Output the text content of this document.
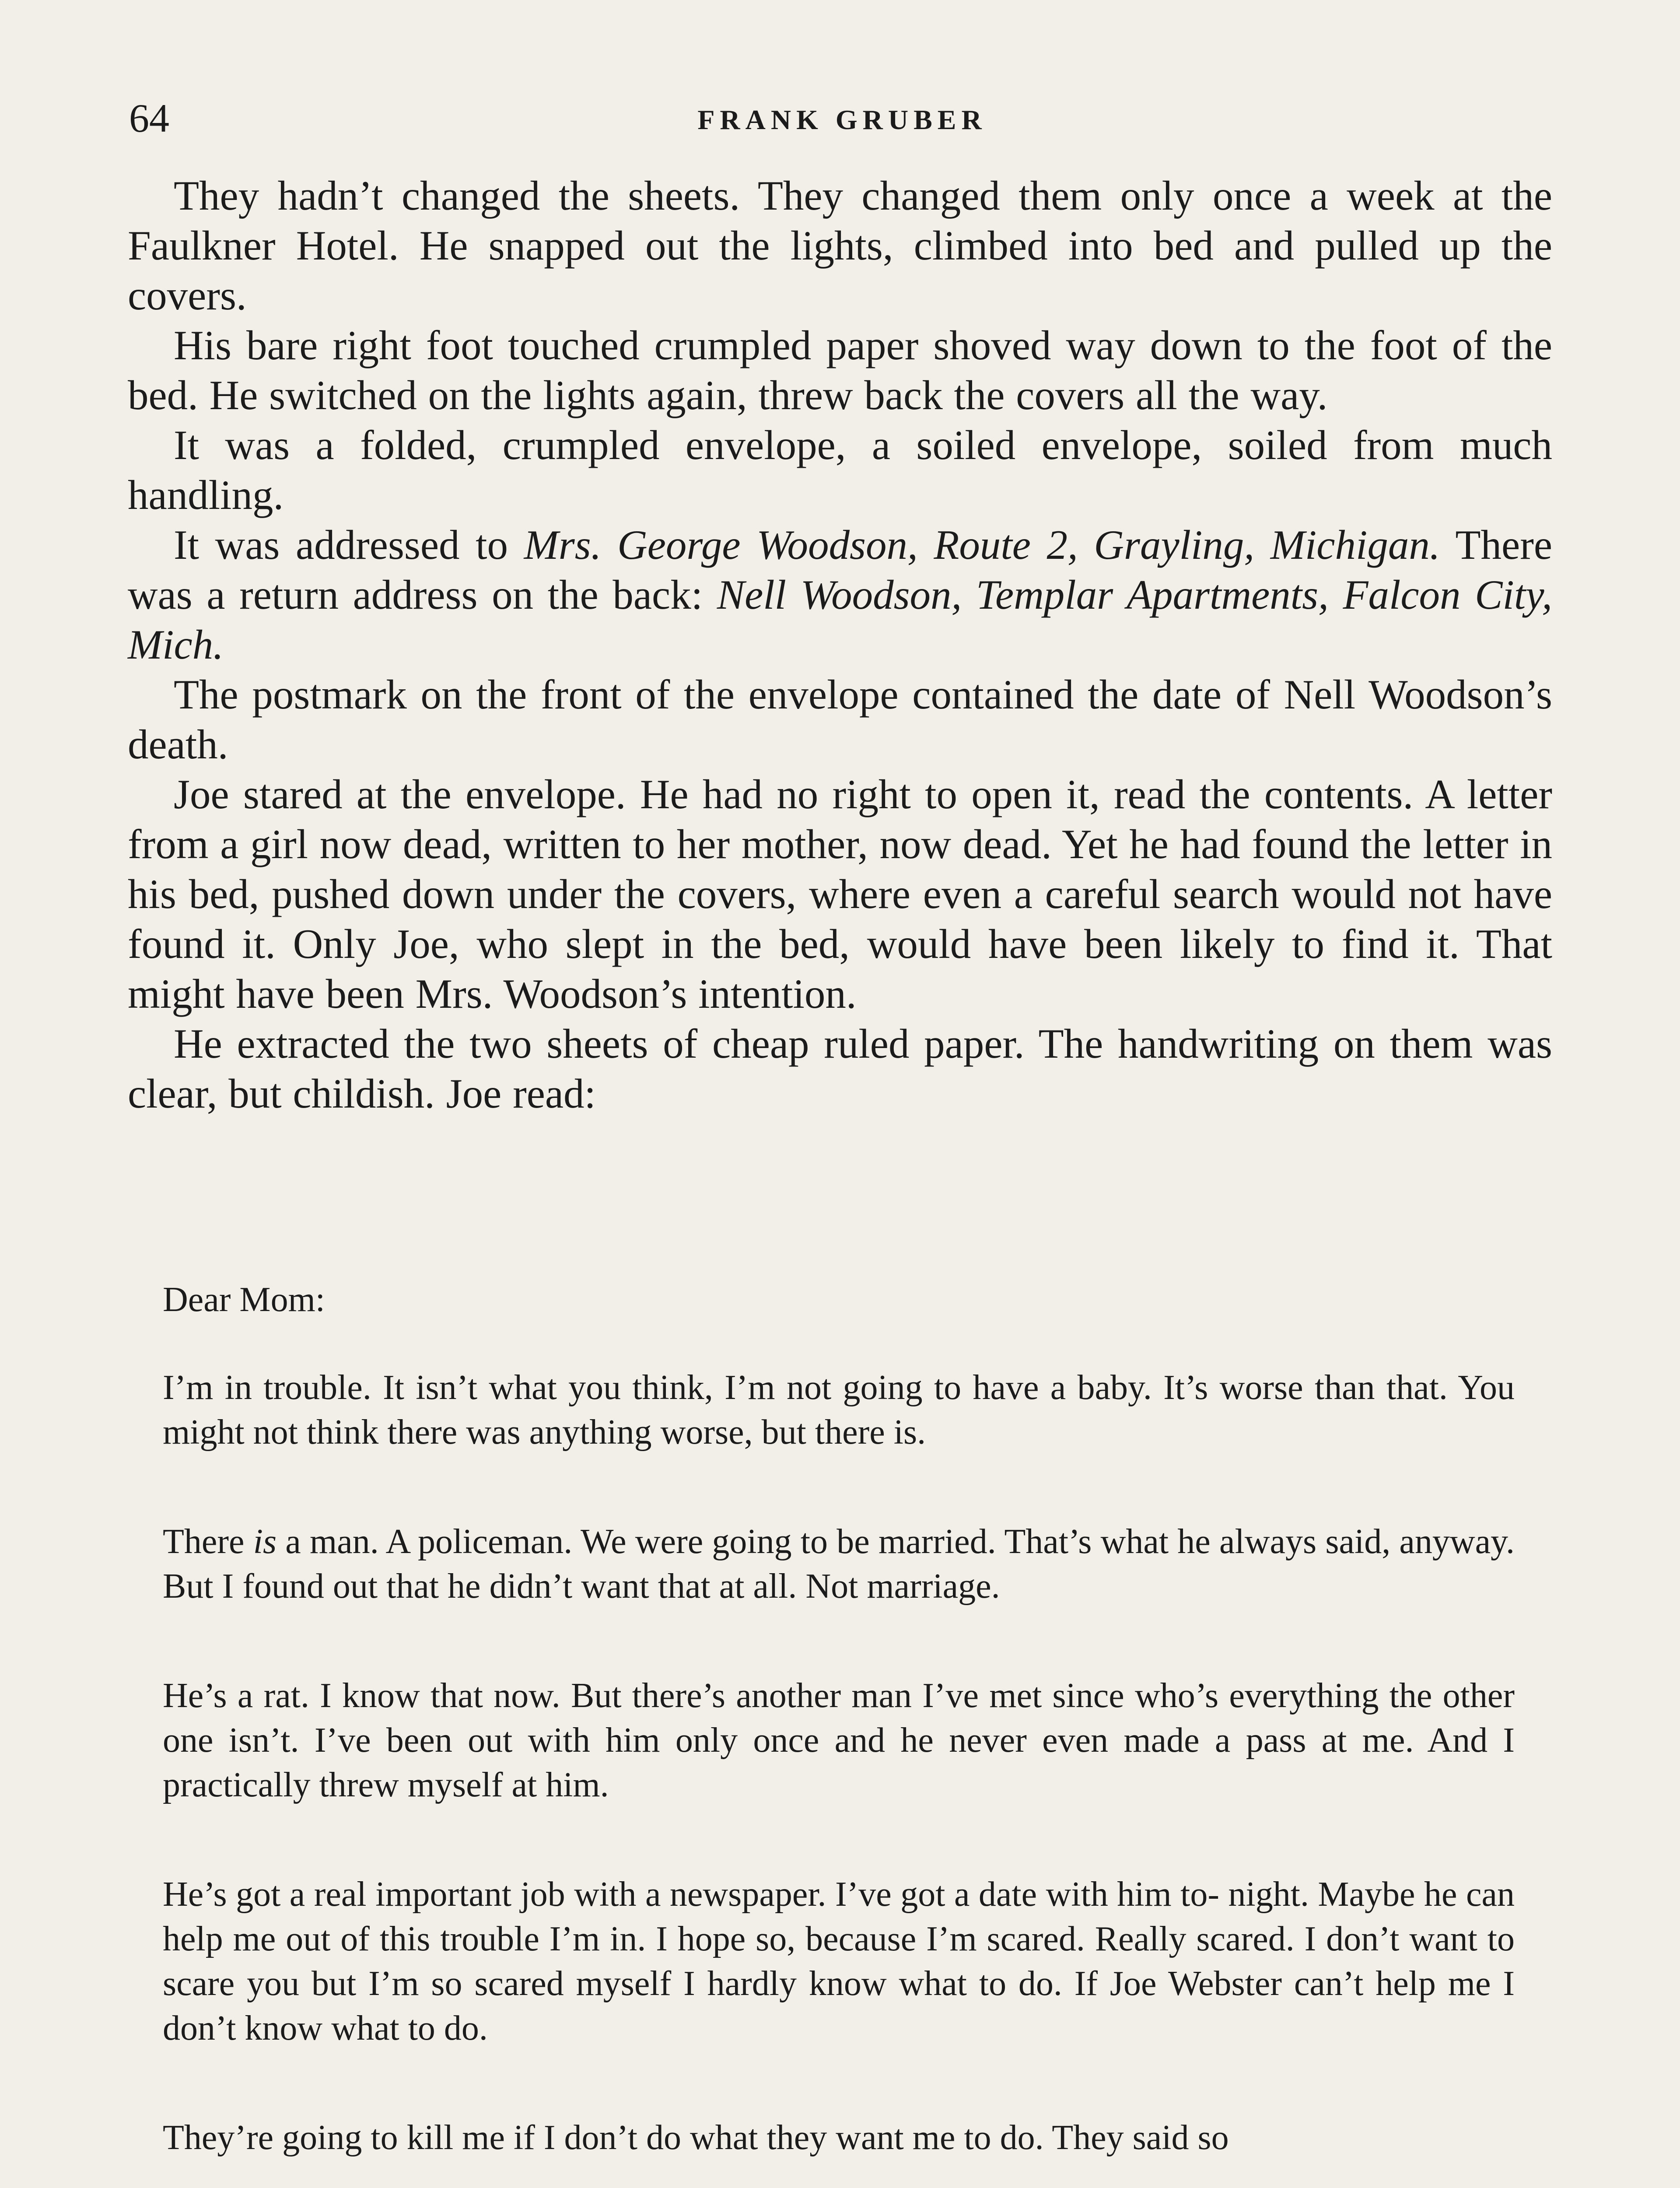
64	FRANK GRUBER

They hadn’t changed the sheets. They changed them only once a week at the Faulkner Hotel. He snapped out the lights, climbed into bed and pulled up the covers.

His bare right foot touched crumpled paper shoved way down to the foot of the bed. He switched on the lights again, threw back the covers all the way.

It was a folded, crumpled envelope, a soiled envelope, soiled from much handling.

It was addressed to Mrs. George Woodson, Route 2, Grayling, Michigan. There was a return address on the back: Nell Woodson, Templar Apartments, Falcon City, Mich.

The postmark on the front of the envelope contained the date of Nell Woodson’s death.

Joe stared at the envelope. He had no right to open it, read the contents. A letter from a girl now dead, written to her mother, now dead. Yet he had found the letter in his bed, pushed down under the covers, where even a careful search would not have found it. Only Joe, who slept in the bed, would have been likely to find it. That might have been Mrs. Woodson’s intention.

He extracted the two sheets of cheap ruled paper. The handwriting on them was clear, but childish. Joe read:

Dear Mom:

I’m in trouble. It isn’t what you think, I’m not going to have a baby. It’s worse than that. You might not think there was anything worse, but there is.

There is a man. A policeman. We were going to be married. That’s what he always said, anyway. But I found out that he didn’t want that at all. Not marriage.

He’s a rat. I know that now. But there’s another man I’ve met since who’s everything the other one isn’t. I’ve been out with him only once and he never even made a pass at me. And I practically threw myself at him.

He’s got a real important job with a newspaper. I’ve got a date with him to- night. Maybe he can help me out of this trouble I’m in. I hope so, because I’m scared. Really scared. I don’t want to scare you but I’m so scared myself I hardly know what to do. If Joe Webster can’t help me I don’t know what to do.

They’re going to kill me if I don’t do what they want me to do. They said so
